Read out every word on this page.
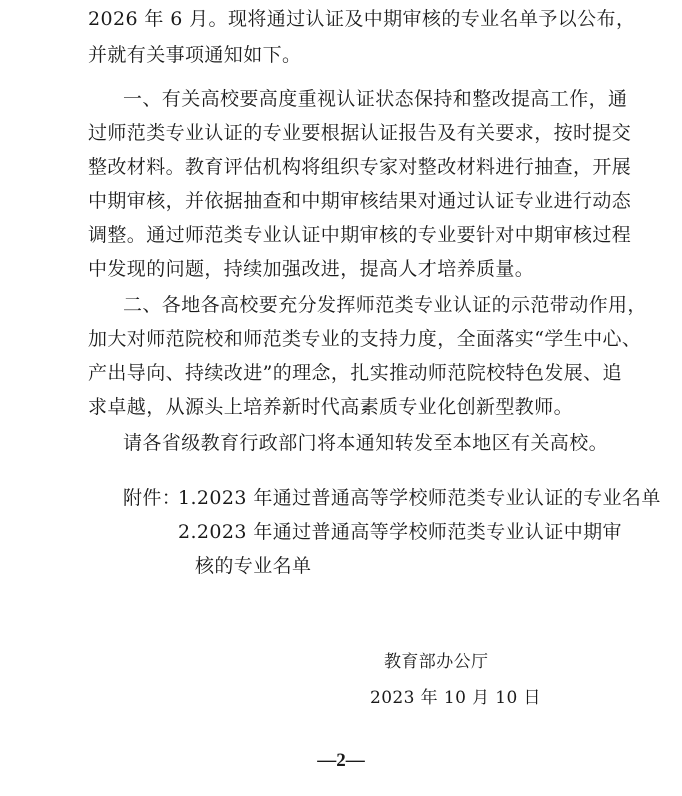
2026 年 6 月。现将通过认证及中期审核的专业名单予以公布，
并就有关事项通知如下。
一、有关高校要高度重视认证状态保持和整改提高工作，通
过师范类专业认证的专业要根据认证报告及有关要求，按时提交
整改材料。教育评估机构将组织专家对整改材料进行抽查，开展
中期审核，并依据抽查和中期审核结果对通过认证专业进行动态
调整。通过师范类专业认证中期审核的专业要针对中期审核过程
中发现的问题，持续加强改进，提高人才培养质量。
二、各地各高校要充分发挥师范类专业认证的示范带动作用，
加大对师范院校和师范类专业的支持力度，全面落实“学生中心、
产出导向、持续改进”的理念，扎实推动师范院校特色发展、追
求卓越，从源头上培养新时代高素质专业化创新型教师。
请各省级教育行政部门将本通知转发至本地区有关高校。
附件：
1.2023 年通过普通高等学校师范类专业认证的专业名单
2.2023 年通过普通高等学校师范类专业认证中期审
核的专业名单
教育部办公厅
2023 年 10 月 10 日
—2—
